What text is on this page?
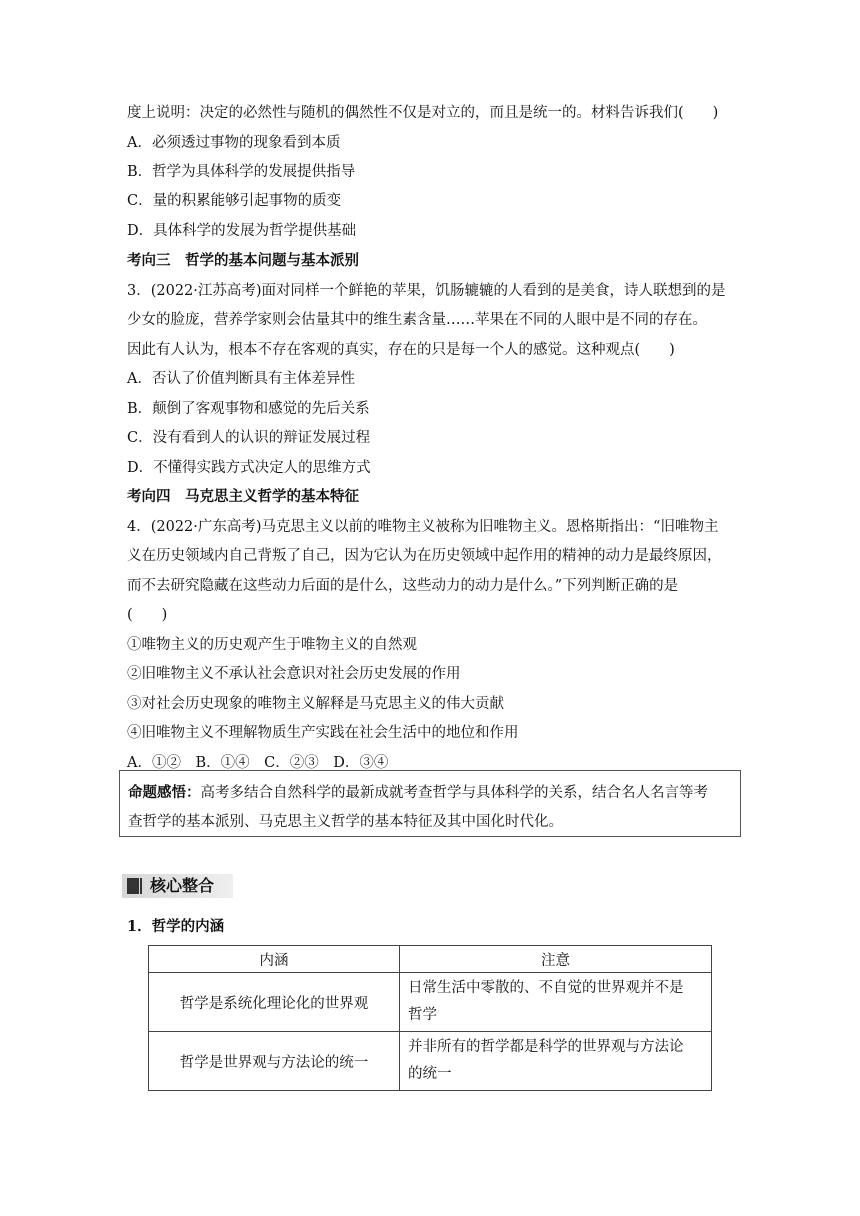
度上说明：决定的必然性与随机的偶然性不仅是对立的，而且是统一的。材料告诉我们(　　)
A．必须透过事物的现象看到本质
B．哲学为具体科学的发展提供指导
C．量的积累能够引起事物的质变
D．具体科学的发展为哲学提供基础
考向三　哲学的基本问题与基本派别
3．(2022·江苏高考)面对同样一个鲜艳的苹果，饥肠辘辘的人看到的是美食，诗人联想到的是
少女的脸庞，营养学家则会估量其中的维生素含量……苹果在不同的人眼中是不同的存在。
因此有人认为，根本不存在客观的真实，存在的只是每一个人的感觉。这种观点(　　)
A．否认了价值判断具有主体差异性
B．颠倒了客观事物和感觉的先后关系
C．没有看到人的认识的辩证发展过程
D．不懂得实践方式决定人的思维方式
考向四　马克思主义哲学的基本特征
4．(2022·广东高考)马克思主义以前的唯物主义被称为旧唯物主义。恩格斯指出：“旧唯物主
义在历史领域内自己背叛了自己，因为它认为在历史领域中起作用的精神的动力是最终原因，
而不去研究隐藏在这些动力后面的是什么，这些动力的动力是什么。”下列判断正确的是
(　　)
①唯物主义的历史观产生于唯物主义的自然观
②旧唯物主义不承认社会意识对社会历史发展的作用
③对社会历史现象的唯物主义解释是马克思主义的伟大贡献
④旧唯物主义不理解物质生产实践在社会生活中的地位和作用
A．①②　B．①④　C．②③　D．③④
命题感悟：高考多结合自然科学的最新成就考查哲学与具体科学的关系，结合名人名言等考
查哲学的基本派别、马克思主义哲学的基本特征及其中国化时代化。
核心整合
1．哲学的内涵
内涵	注意
哲学是系统化理论化的世界观	日常生活中零散的、不自觉的世界观并不是
哲学

哲学是世界观与方法论的统一	并非所有的哲学都是科学的世界观与方法论
的统一
